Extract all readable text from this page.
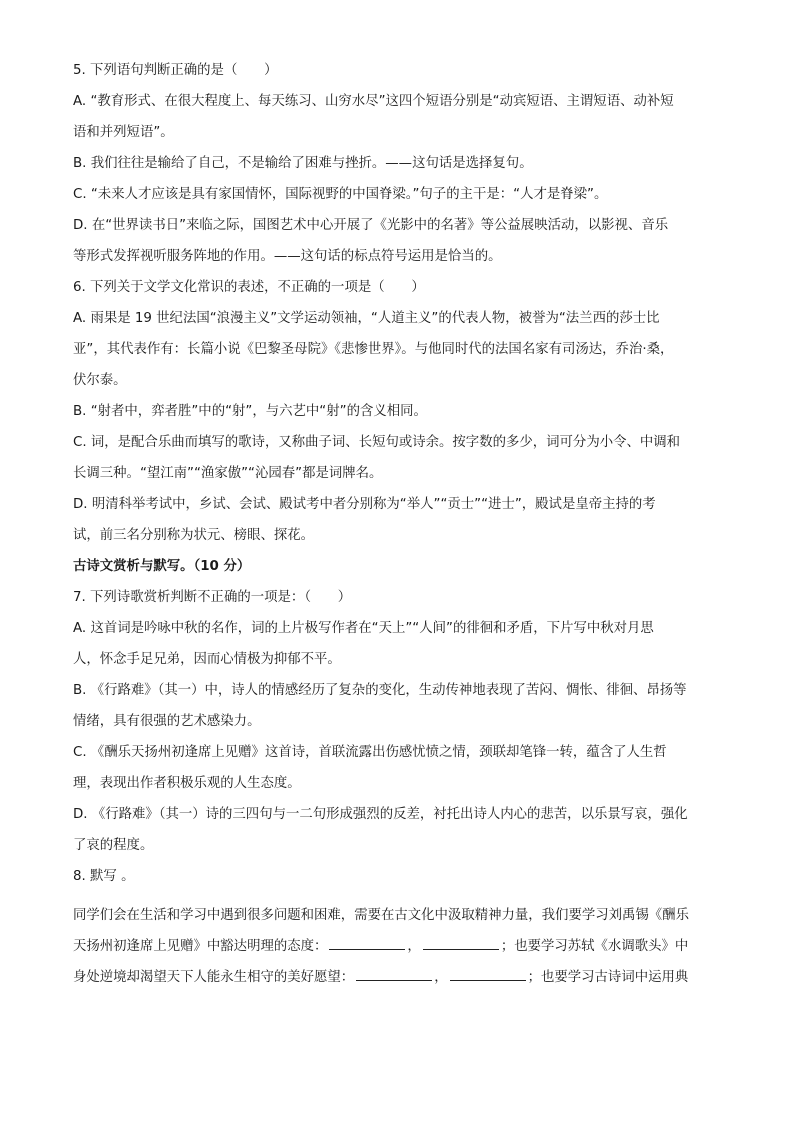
5. 下列语句判断正确的是（　　）
A. “教育形式、在很大程度上、每天练习、山穷水尽”这四个短语分别是“动宾短语、主谓短语、动补短
语和并列短语”。
B. 我们往往是输给了自己，不是输给了困难与挫折。——这句话是选择复句。
C. “未来人才应该是具有家国情怀，国际视野的中国脊梁。”句子的主干是：“人才是脊梁”。
D. 在“世界读书日”来临之际，国图艺术中心开展了《光影中的名著》等公益展映活动，以影视、音乐
等形式发挥视听服务阵地的作用。——这句话的标点符号运用是恰当的。
6. 下列关于文学文化常识的表述，不正确的一项是（　　）
A. 雨果是 19 世纪法国“浪漫主义”文学运动领袖，“人道主义”的代表人物，被誉为“法兰西的莎士比
亚”，其代表作有：长篇小说《巴黎圣母院》《悲惨世界》。与他同时代的法国名家有司汤达，乔治·桑，
伏尔泰。
B. “射者中，弈者胜”中的“射”，与六艺中“射”的含义相同。
C. 词，是配合乐曲而填写的歌诗，又称曲子词、长短句或诗余。按字数的多少，词可分为小令、中调和
长调三种。“望江南”“渔家傲”“沁园春”都是词牌名。
D. 明清科举考试中，乡试、会试、殿试考中者分别称为“举人”“贡士”“进士”，殿试是皇帝主持的考
试，前三名分别称为状元、榜眼、探花。
古诗文赏析与默写。（10 分）
7. 下列诗歌赏析判断不正确的一项是：（　　）
A. 这首词是吟咏中秋的名作，词的上片极写作者在“天上”“人间”的徘徊和矛盾，下片写中秋对月思
人，怀念手足兄弟，因而心情极为抑郁不平。
B. 《行路难》（其一）中，诗人的情感经历了复杂的变化，生动传神地表现了苦闷、惆怅、徘徊、昂扬等
情绪，具有很强的艺术感染力。
C. 《酬乐天扬州初逢席上见赠》这首诗，首联流露出伤感忧愤之情，颈联却笔锋一转，蕴含了人生哲
理，表现出作者积极乐观的人生态度。
D. 《行路难》（其一）诗的三四句与一二句形成强烈的反差，衬托出诗人内心的悲苦，以乐景写哀，强化
了哀的程度。
8. 默写 。
同学们会在生活和学习中遇到很多问题和困难，需要在古文化中汲取精神力量，我们要学习刘禹锡《酬乐
天扬州初逢席上见赠》中豁达明理的态度：	，	；也要学习苏轼《水调歌头》中
身处逆境却渴望天下人能永生相守的美好愿望：	，	；也要学习古诗词中运用典
